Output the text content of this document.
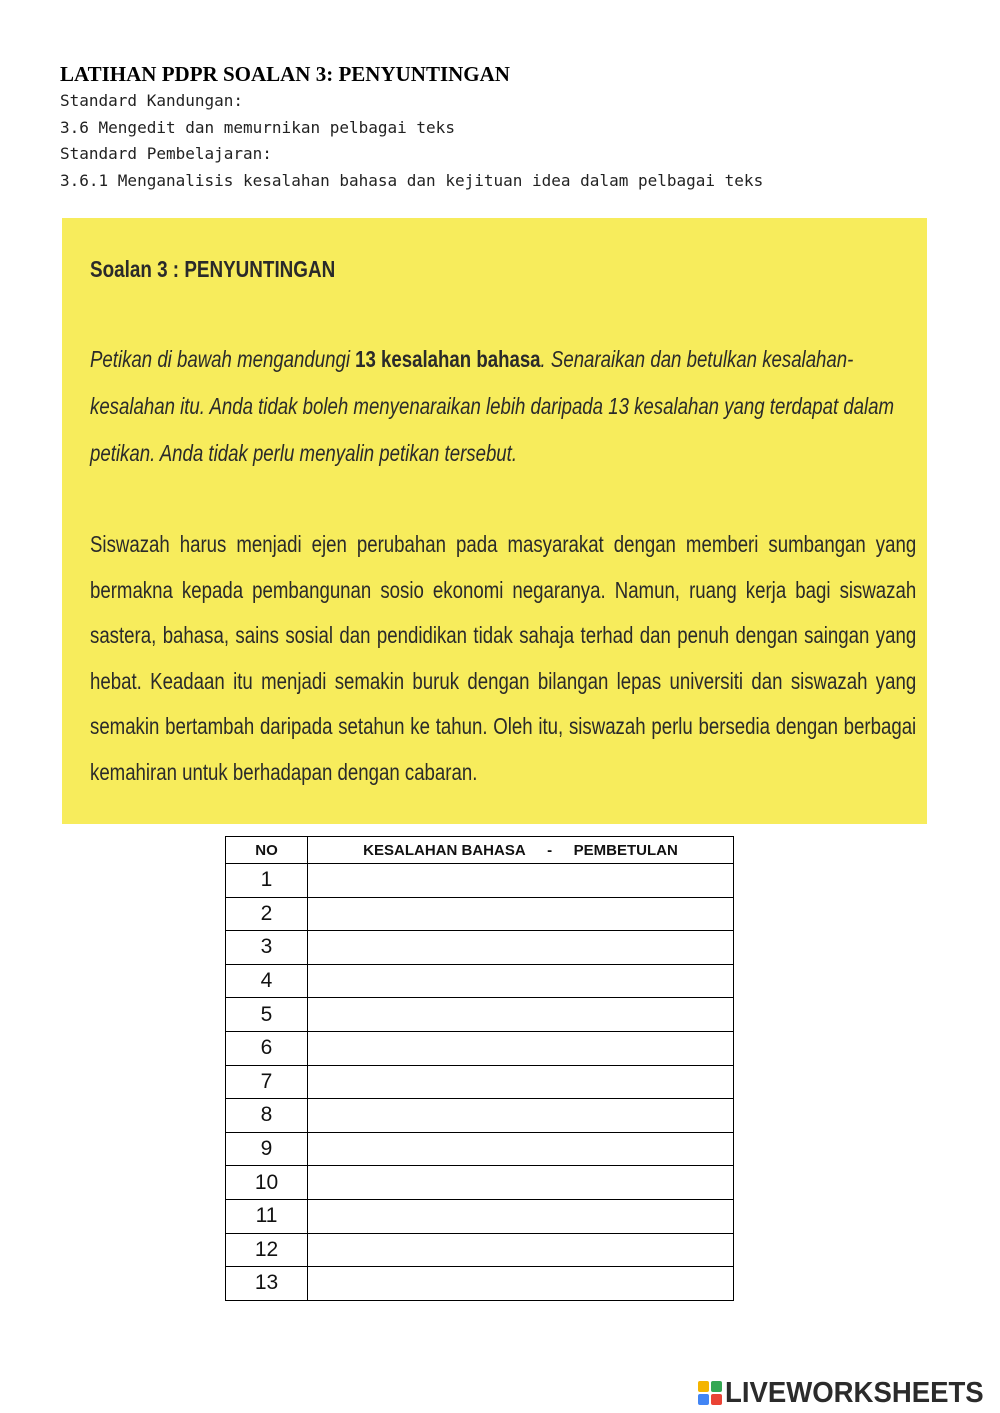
LATIHAN PDPR SOALAN 3: PENYUNTINGAN
Standard Kandungan:
3.6 Mengedit dan memurnikan pelbagai teks
Standard Pembelajaran:
3.6.1 Menganalisis kesalahan bahasa dan kejituan idea dalam pelbagai teks
Soalan 3 : PENYUNTINGAN
Petikan di bawah mengandungi 13 kesalahan bahasa. Senaraikan dan betulkan kesalahan-kesalahan itu. Anda tidak boleh menyenaraikan lebih daripada 13 kesalahan yang terdapat dalam petikan. Anda tidak perlu menyalin petikan tersebut.
Siswazah harus menjadi ejen perubahan pada masyarakat dengan memberi sumbangan yang bermakna kepada pembangunan sosio ekonomi negaranya. Namun, ruang kerja bagi siswazah sastera, bahasa, sains sosial dan pendidikan tidak sahaja terhad dan penuh dengan saingan yang hebat. Keadaan itu menjadi semakin buruk dengan bilangan lepas universiti dan siswazah yang semakin bertambah daripada setahun ke tahun. Oleh itu, siswazah perlu bersedia dengan berbagai kemahiran untuk berhadapan dengan cabaran.
NO	KESALAHAN BAHASA - PEMBETULAN
1	
2	
3	
4	
5	
6	
7	
8	
9	
10	
11	
12	
13	
LIVEWORKSHEETS
